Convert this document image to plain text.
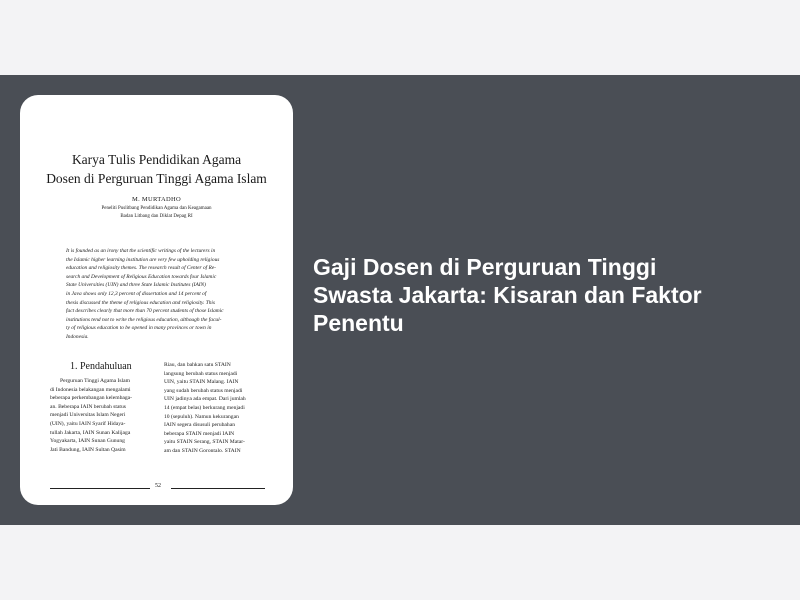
Karya Tulis Pendidikan Agama
Dosen di Perguruan Tinggi Agama Islam
M. MURTADHO
Peneliti Puslitbang Pendidikan Agama dan Keagamaan
Badan Litbang dan Diklat Depag RI
It is founded as an irony that the scientific writings of the lecturers in
the Islamic higher learning institution are very few upholding religious
education and religiosity themes. The research result of Center of Re-
search and Development of Religious Education towards four Islamic
State Universities (UIN) and three State Islamic Institutes (IAIN)
in Java shows only 12,3 percent of dissertation and 14 percent of
thesis discussed the theme of religious education and religiosity. This
fact describes clearly that more than 70 percent students of those Islamic
institutions tend not to write the religious education, although the facul-
ty of religious education to be opened in many provinces or town in
Indonesia.
1. Pendahuluan
Perguruan Tinggi Agama Islam
di Indonesia belakangan mengalami
beberapa perkembangan kelembaga-
an. Beberapa IAIN berubah status
menjadi Universitas Islam Negeri
(UIN), yaitu IAIN Syarif Hidaya-
tullah Jakarta, IAIN Sunan Kalijaga
Yogyakarta, IAIN Sunan Gunung
Jati Bandung, IAIN Sultan Qasim
Riau, dan bahkan satu STAIN
langsung berubah status menjadi
UIN, yaitu STAIN Malang. IAIN
yang sudah berubah status menjadi
UIN jadinya ada empat. Dari jumlah
14 (empat belas) berkurang menjadi
10 (sepuluh). Namun kekurangan
IAIN segera disusuli perubahan
beberapa STAIN menjadi IAIN
yaitu STAIN Serang, STAIN Matar-
am dan STAIN Gorontalo. STAIN
52
Gaji Dosen di Perguruan Tinggi
Swasta Jakarta: Kisaran dan Faktor
Penentu
